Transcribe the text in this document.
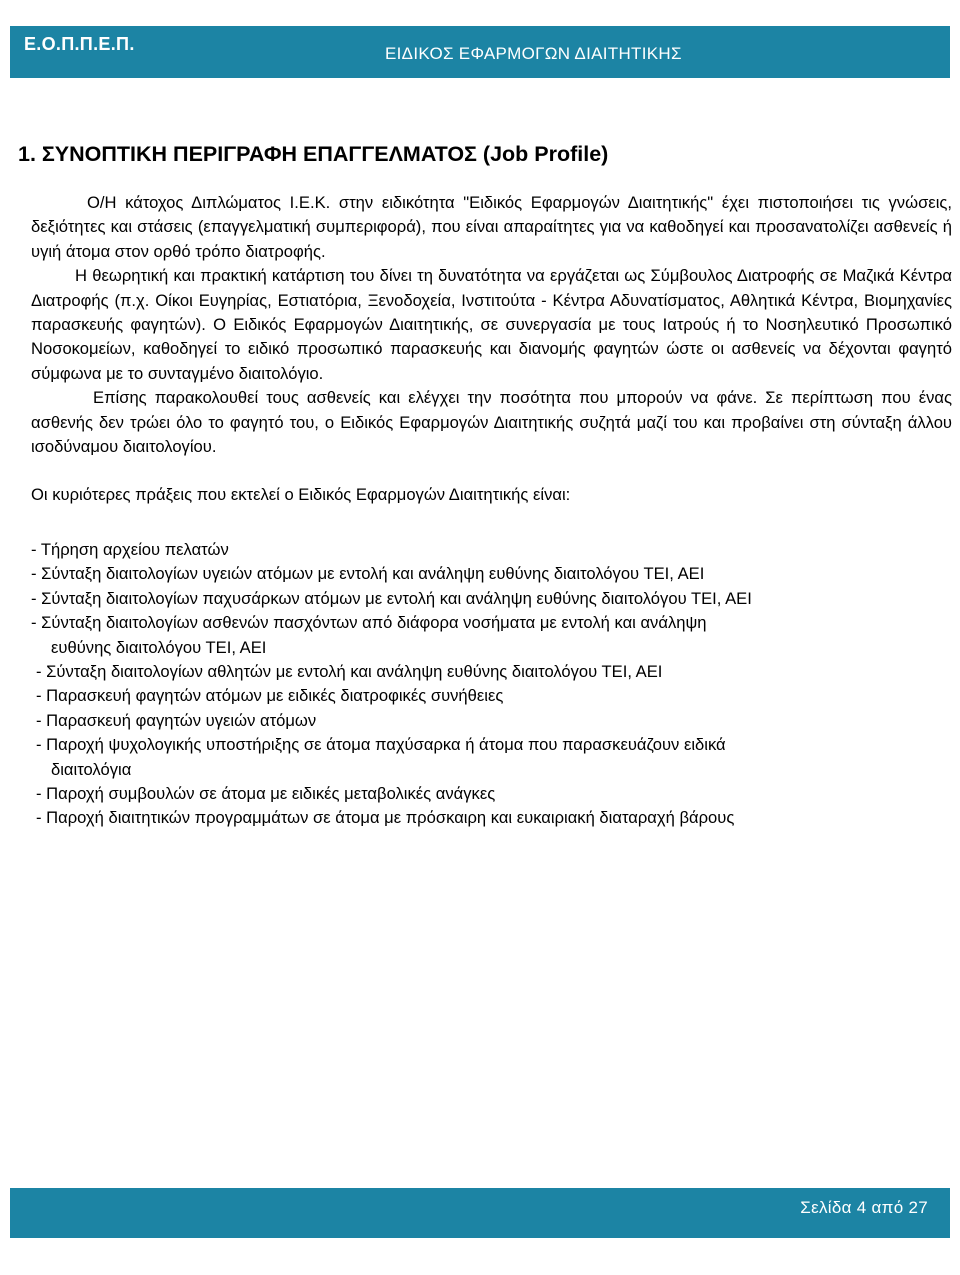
Ε.Ο.Π.Π.Ε.Π.	ΕΙΔΙΚΟΣ ΕΦΑΡΜΟΓΩΝ ΔΙΑΙΤΗΤΙΚΗΣ
1. ΣΥΝΟΠΤΙΚΗ ΠΕΡΙΓΡΑΦΗ ΕΠΑΓΓΕΛΜΑΤΟΣ (Job Profile)

Ο/Η κάτοχος Διπλώματος Ι.Ε.Κ. στην ειδικότητα "Ειδικός Εφαρμογών Διαιτητικής" έχει πιστοποιήσει τις γνώσεις, δεξιότητες και στάσεις (επαγγελματική συμπεριφορά), που είναι απαραίτητες για να καθοδηγεί και προσανατολίζει ασθενείς ή υγιή άτομα στον ορθό τρόπο διατροφής.

Η θεωρητική και πρακτική κατάρτιση του δίνει τη δυνατότητα να εργάζεται ως Σύμβουλος Διατροφής σε Μαζικά Κέντρα Διατροφής (π.χ. Οίκοι Ευγηρίας, Εστιατόρια, Ξενοδοχεία, Ινστιτούτα - Κέντρα Αδυνατίσματος, Αθλητικά Κέντρα, Βιομηχανίες παρασκευής φαγητών). Ο Ειδικός Εφαρμογών Διαιτητικής, σε συνεργασία με τους Ιατρούς ή το Νοσηλευτικό Προσωπικό Νοσοκομείων, καθοδηγεί το ειδικό προσωπικό παρασκευής και διανομής φαγητών ώστε οι ασθενείς να δέχονται φαγητό σύμφωνα με το συνταγμένο διαιτολόγιο.

Επίσης παρακολουθεί τους ασθενείς και ελέγχει την ποσότητα που μπορούν να φάνε. Σε περίπτωση που ένας ασθενής δεν τρώει όλο το φαγητό του, ο Ειδικός Εφαρμογών Διαιτητικής συζητά μαζί του και προβαίνει στη σύνταξη άλλου ισοδύναμου διαιτολογίου.

Οι κυριότερες πράξεις που εκτελεί ο Ειδικός Εφαρμογών Διαιτητικής είναι:

- Τήρηση αρχείου πελατών
- Σύνταξη διαιτολογίων υγειών ατόμων με εντολή και ανάληψη ευθύνης διαιτολόγου ΤΕΙ, ΑΕΙ
- Σύνταξη διαιτολογίων παχυσάρκων ατόμων με εντολή και ανάληψη ευθύνης διαιτολόγου ΤΕΙ, ΑΕΙ
- Σύνταξη διαιτολογίων ασθενών πασχόντων από διάφορα νοσήματα με εντολή και ανάληψη
ευθύνης διαιτολόγου ΤΕΙ, ΑΕΙ
- Σύνταξη διαιτολογίων αθλητών με εντολή και ανάληψη ευθύνης διαιτολόγου ΤΕΙ, ΑΕΙ
- Παρασκευή φαγητών ατόμων με ειδικές διατροφικές συνήθειες
- Παρασκευή φαγητών υγειών ατόμων
- Παροχή ψυχολογικής υποστήριξης σε άτομα παχύσαρκα ή άτομα που παρασκευάζουν ειδικά
διαιτολόγια
- Παροχή συμβουλών σε άτομα με ειδικές μεταβολικές ανάγκες
- Παροχή διαιτητικών προγραμμάτων σε άτομα με πρόσκαιρη και ευκαιριακή διαταραχή βάρους
Σελίδα 4 από 27
